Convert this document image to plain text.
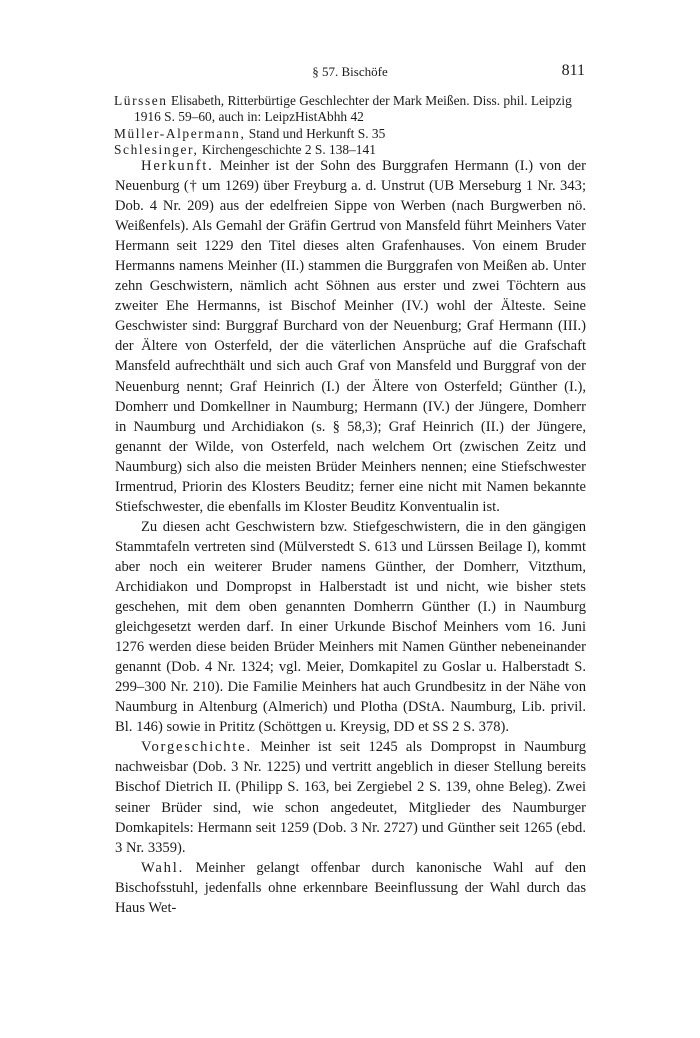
§ 57. Bischöfe	811
Lürssen Elisabeth, Ritterbürtige Geschlechter der Mark Meißen. Diss. phil. Leipzig
1916 S. 59–60, auch in: LeipzHistAbhh 42
Müller-Alpermann, Stand und Herkunft S. 35
Schlesinger, Kirchengeschichte 2 S. 138–141

Herkunft. Meinher ist der Sohn des Burggrafen Hermann (I.) von der Neuenburg († um 1269) über Freyburg a. d. Unstrut (UB Merseburg 1 Nr. 343; Dob. 4 Nr. 209) aus der edelfreien Sippe von Werben (nach Burgwerben nö. Weißenfels). Als Gemahl der Gräfin Gertrud von Mansfeld führt Meinhers Vater Hermann seit 1229 den Titel dieses alten Grafenhauses. Von einem Bruder Hermanns namens Meinher (II.) stammen die Burggrafen von Meißen ab. Unter zehn Geschwistern, nämlich acht Söhnen aus erster und zwei Töchtern aus zweiter Ehe Hermanns, ist Bischof Meinher (IV.) wohl der Älteste. Seine Geschwister sind: Burggraf Burchard von der Neuenburg; Graf Hermann (III.) der Ältere von Osterfeld, der die väterlichen Ansprüche auf die Grafschaft Mansfeld aufrechthält und sich auch Graf von Mansfeld und Burggraf von der Neuenburg nennt; Graf Heinrich (I.) der Ältere von Osterfeld; Günther (I.), Domherr und Domkellner in Naumburg; Hermann (IV.) der Jüngere, Domherr in Naumburg und Archidiakon (s. § 58,3); Graf Heinrich (II.) der Jüngere, genannt der Wilde, von Osterfeld, nach welchem Ort (zwischen Zeitz und Naumburg) sich also die meisten Brüder Meinhers nennen; eine Stiefschwester Irmentrud, Priorin des Klosters Beuditz; ferner eine nicht mit Namen bekannte Stiefschwester, die ebenfalls im Kloster Beuditz Konventualin ist.

Zu diesen acht Geschwistern bzw. Stiefgeschwistern, die in den gängigen Stammtafeln vertreten sind (Mülverstedt S. 613 und Lürssen Beilage I), kommt aber noch ein weiterer Bruder namens Günther, der Domherr, Vitzthum, Archidiakon und Dompropst in Halberstadt ist und nicht, wie bisher stets geschehen, mit dem oben genannten Domherrn Günther (I.) in Naumburg gleichgesetzt werden darf. In einer Urkunde Bischof Meinhers vom 16. Juni 1276 werden diese beiden Brüder Meinhers mit Namen Günther nebeneinander genannt (Dob. 4 Nr. 1324; vgl. Meier, Domkapitel zu Goslar u. Halberstadt S. 299–300 Nr. 210). Die Familie Meinhers hat auch Grundbesitz in der Nähe von Naumburg in Altenburg (Almerich) und Plotha (DStA. Naumburg, Lib. privil. Bl. 146) sowie in Prititz (Schöttgen u. Kreysig, DD et SS 2 S. 378).

Vorgeschichte. Meinher ist seit 1245 als Dompropst in Naumburg nachweisbar (Dob. 3 Nr. 1225) und vertritt angeblich in dieser Stellung bereits Bischof Dietrich II. (Philipp S. 163, bei Zergiebel 2 S. 139, ohne Beleg). Zwei seiner Brüder sind, wie schon angedeutet, Mitglieder des Naumburger Domkapitels: Hermann seit 1259 (Dob. 3 Nr. 2727) und Günther seit 1265 (ebd. 3 Nr. 3359).

Wahl. Meinher gelangt offenbar durch kanonische Wahl auf den Bischofsstuhl, jedenfalls ohne erkennbare Beeinflussung der Wahl durch das Haus Wet-
